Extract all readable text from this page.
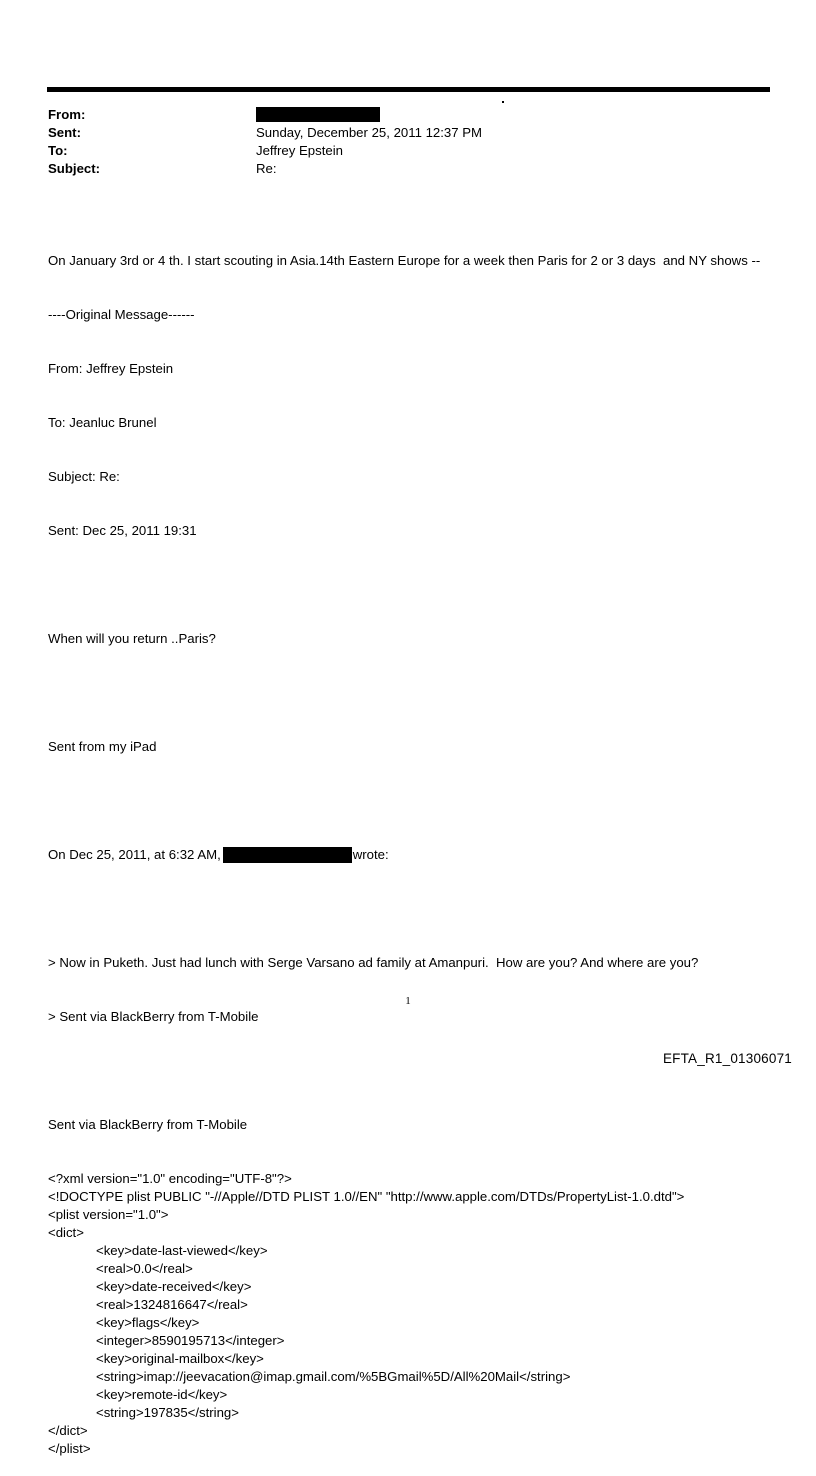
From:
Sent:	Sunday, December 25, 2011 12:37 PM
To:	Jeffrey Epstein
Subject:	Re:

On January 3rd or 4 th. I start scouting in Asia.14th Eastern Europe for a week then Paris for 2 or 3 days  and NY shows --

----Original Message------

From: Jeffrey Epstein

To: Jeanluc Brunel

Subject: Re:

Sent: Dec 25, 2011 19:31

When will you return ..Paris?

Sent from my iPad

On Dec 25, 2011, at 6:32 AM,	wrote:

> Now in Puketh. Just had lunch with Serge Varsano ad family at Amanpuri.  How are you? And where are you?

> Sent via BlackBerry from T-Mobile

Sent via BlackBerry from T-Mobile

<?xml version="1.0" encoding="UTF-8"?>
<!DOCTYPE plist PUBLIC "-//Apple//DTD PLIST 1.0//EN" "http://www.apple.com/DTDs/PropertyList-1.0.dtd">
<plist version="1.0">
<dict>
<key>date-last-viewed</key>
<real>0.0</real>
<key>date-received</key>
<real>1324816647</real>
<key>flags</key>
<integer>8590195713</integer>
<key>original-mailbox</key>
<string>imap://jeevacation@imap.gmail.com/%5BGmail%5D/All%20Mail</string>
<key>remote-id</key>
<string>197835</string>
</dict>
</plist>

1
EFTA_R1_01306071
